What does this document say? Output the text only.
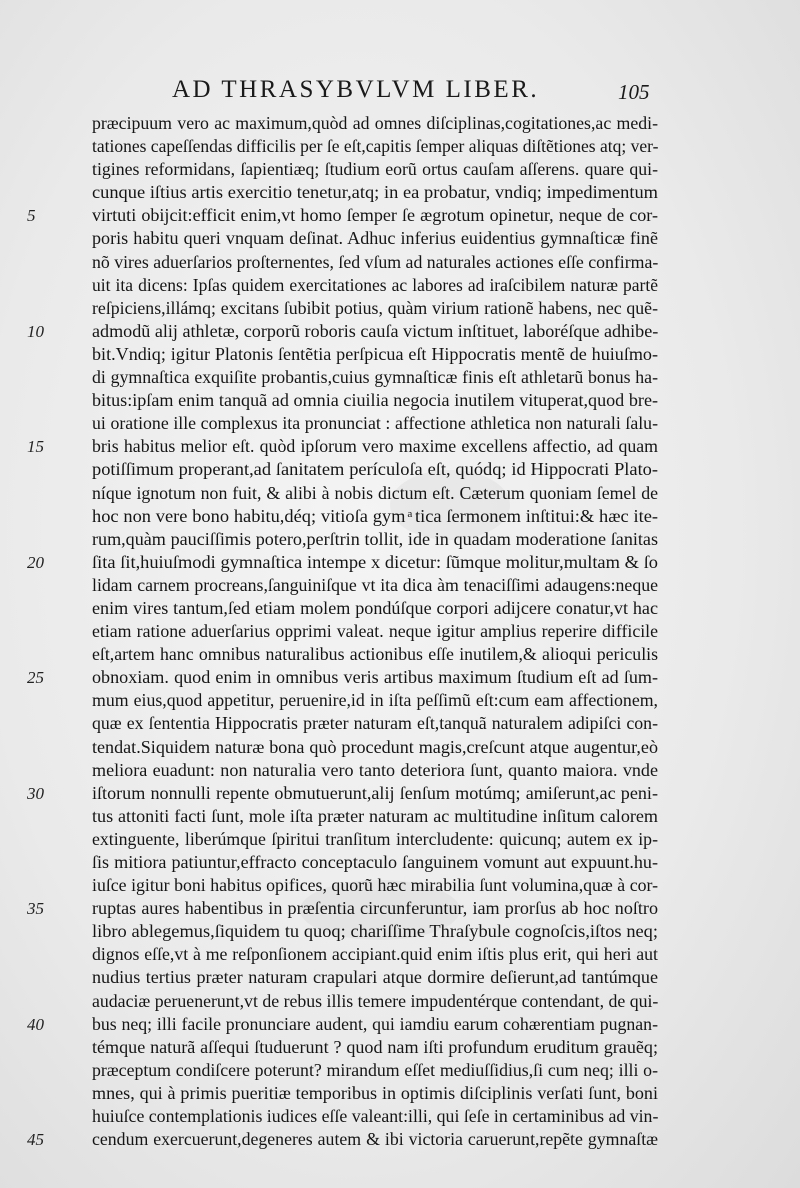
AD THRASYBVLVM LIBER.	105
præcipuum vero ac maximum,quòd ad omnes diſciplinas,cogitationes,ac medi-
tationes capeſſendas difficilis per ſe eſt,capitis ſemper aliquas diſtẽtiones atq; ver-
tigines reformidans, ſapientiæq; ſtudium eorũ ortus cauſam aſſerens. quare qui-
cunque iſtius artis exercitio tenetur,atq; in ea probatur, vndiq; impedimentum
5	virtuti obijcit:efficit enim,vt homo ſemper ſe ægrotum opinetur, neque de cor-
poris habitu queri vnquam deſinat. Adhuc inferius euidentius gymnaſticæ finẽ
nõ vires aduerſarios proſternentes, ſed vſum ad naturales actiones eſſe confirma-
uit ita dicens: Ipſas quidem exercitationes ac labores ad iraſcibilem naturæ partẽ
reſpiciens,illámq; excitans ſubibit potius, quàm virium rationẽ habens, nec quẽ-
10	admodũ alij athletæ, corporũ roboris cauſa victum inſtituet, laboréſque adhibe-
bit.Vndiq; igitur Platonis ſentẽtia perſpicua eſt Hippocratis mentẽ de huiuſmo-
di gymnaſtica exquiſite probantis,cuius gymnaſticæ finis eſt athletarũ bonus ha-
bitus:ipſam enim tanquã ad omnia ciuilia negocia inutilem vituperat,quod bre-
ui oratione ille complexus ita pronunciat : affectione athletica non naturali ſalu-
15	bris habitus melior eſt. quòd ipſorum vero maxime excellens affectio, ad quam
potiſſimum properant,ad ſanitatem perículoſa eſt, quódq; id Hippocrati Plato-
níque ignotum non fuit, & alibi à nobis dictum eſt. Cæterum quoniam ſemel de
hoc non vere bono habitu,déq; vitioſa gym ͣ tica ſermonem inſtitui:& hæc ite-
rum,quàm pauciſſimis potero,perſtrin tollit, ide in quadam moderatione ſanitas
20	ſita ſit,huiuſmodi gymnaſtica intempe x dicetur: ſũmque molitur,multam & ſo
lidam carnem procreans,ſanguiniſque vt ita dica àm tenaciſſimi adaugens:neque
enim vires tantum,ſed etiam molem pondúſque corpori adijcere conatur,vt hac
etiam ratione aduerſarius opprimi valeat. neque igitur amplius reperire difficile
eſt,artem hanc omnibus naturalibus actionibus eſſe inutilem,& alioqui periculis
25	obnoxiam. quod enim in omnibus veris artibus maximum ſtudium eſt ad ſum-
mum eius,quod appetitur, peruenire,id in iſta peſſimũ eſt:cum eam affectionem,
quæ ex ſententia Hippocratis præter naturam eſt,tanquã naturalem adipiſci con-
tendat.Siquidem naturæ bona quò procedunt magis,creſcunt atque augentur,eò
meliora euadunt: non naturalia vero tanto deteriora ſunt, quanto maiora. vnde
30	iſtorum nonnulli repente obmutuerunt,alij ſenſum motúmq; amiſerunt,ac peni-
tus attoniti facti ſunt, mole iſta præter naturam ac multitudine inſitum calorem
extinguente, liberúmque ſpiritui tranſitum intercludente: quicunq; autem ex ip-
ſis mitiora patiuntur,effracto conceptaculo ſanguinem vomunt aut expuunt.hu-
iuſce igitur boni habitus opifices, quorũ hæc mirabilia ſunt volumina,quæ à cor-
35	ruptas aures habentibus in præſentia circunferuntur, iam prorſus ab hoc noſtro
libro ablegemus,ſiquidem tu quoq; chariſſime Thraſybule cognoſcis,iſtos neq;
dignos eſſe,vt à me reſponſionem accipiant.quid enim iſtis plus erit, qui heri aut
nudius tertius præter naturam crapulari atque dormire deſierunt,ad tantúmque
audaciæ peruenerunt,vt de rebus illis temere impudentérque contendant, de qui-
40	bus neq; illi facile pronunciare audent, qui iamdiu earum cohærentiam pugnan-
témque naturã aſſequi ſtuduerunt ? quod nam iſti profundum eruditum grauẽq;
præceptum condiſcere poterunt? mirandum eſſet mediuſſidius,ſi cum neq; illi o-
mnes, qui à primis pueritiæ temporibus in optimis diſciplinis verſati ſunt, boni
huiuſce contemplationis iudices eſſe valeant:illi, qui ſeſe in certaminibus ad vin-
45	cendum exercuerunt,degeneres autem & ibi victoria caruerunt,repẽte gymnaſtæ
